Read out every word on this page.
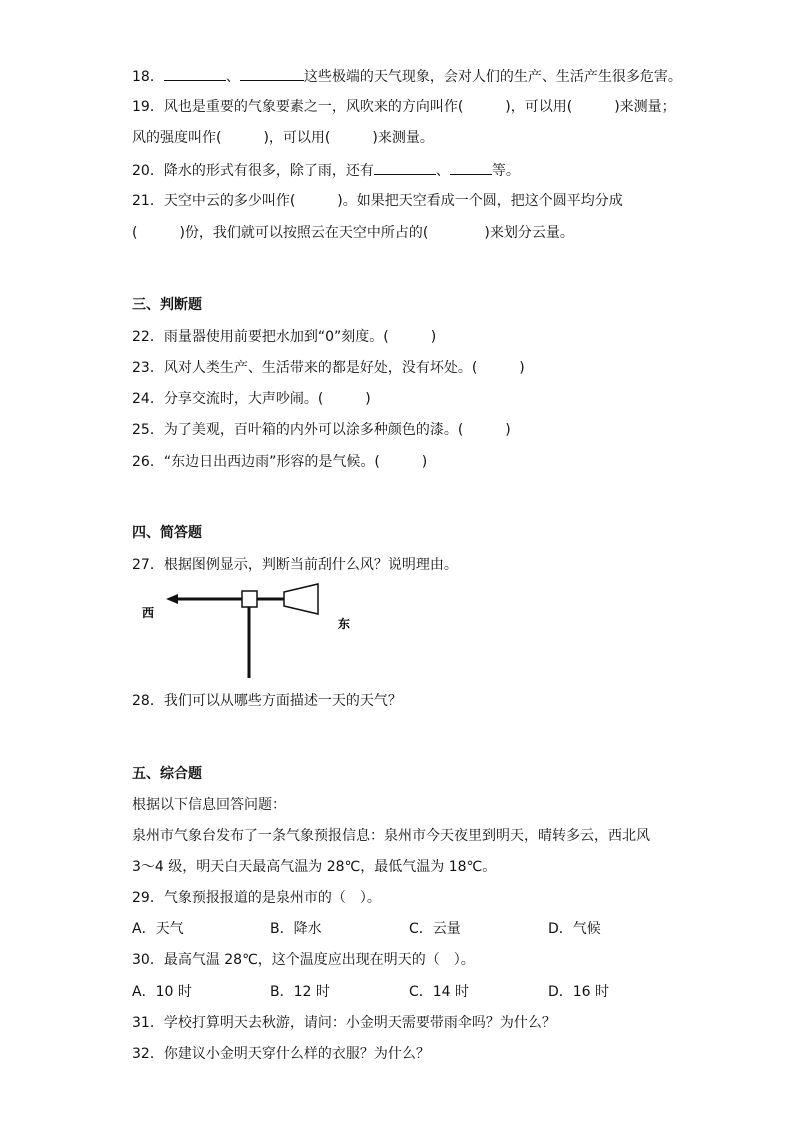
18．	、	这些极端的天气现象，会对人们的生产、生活产生很多危害。
19．风也是重要的气象要素之一，风吹来的方向叫作(　　　)，可以用(　　　)来测量；
风的强度叫作(　　　)，可以用(　　　)来测量。
20．降水的形式有很多，除了雨，还有	、	等。
21．天空中云的多少叫作(　　　)。如果把天空看成一个圆，把这个圆平均分成
(　　　)份，我们就可以按照云在天空中所占的(　　　　)来划分云量。
三、判断题
22．雨量器使用前要把水加到“0”刻度。(　　　)
23．风对人类生产、生活带来的都是好处，没有坏处。(　　　)
24．分享交流时，大声吵闹。(　　　)
25．为了美观，百叶箱的内外可以涂多种颜色的漆。(　　　)
26．“东边日出西边雨”形容的是气候。(　　　)
四、简答题
27．根据图例显示，判断当前刮什么风？说明理由。
西
东
28．我们可以从哪些方面描述一天的天气？
五、综合题
根据以下信息回答问题：
泉州市气象台发布了一条气象预报信息：泉州市今天夜里到明天，晴转多云，西北风
3～4 级，明天白天最高气温为 28℃，最低气温为 18℃。
29．气象预报报道的是泉州市的（　）。
A．天气	B．降水	C．云量	D．气候
30．最高气温 28℃，这个温度应出现在明天的（　）。
A．10 时	B．12 时	C．14 时	D．16 时
31．学校打算明天去秋游，请问：小金明天需要带雨伞吗？为什么？
32．你建议小金明天穿什么样的衣服？为什么？
